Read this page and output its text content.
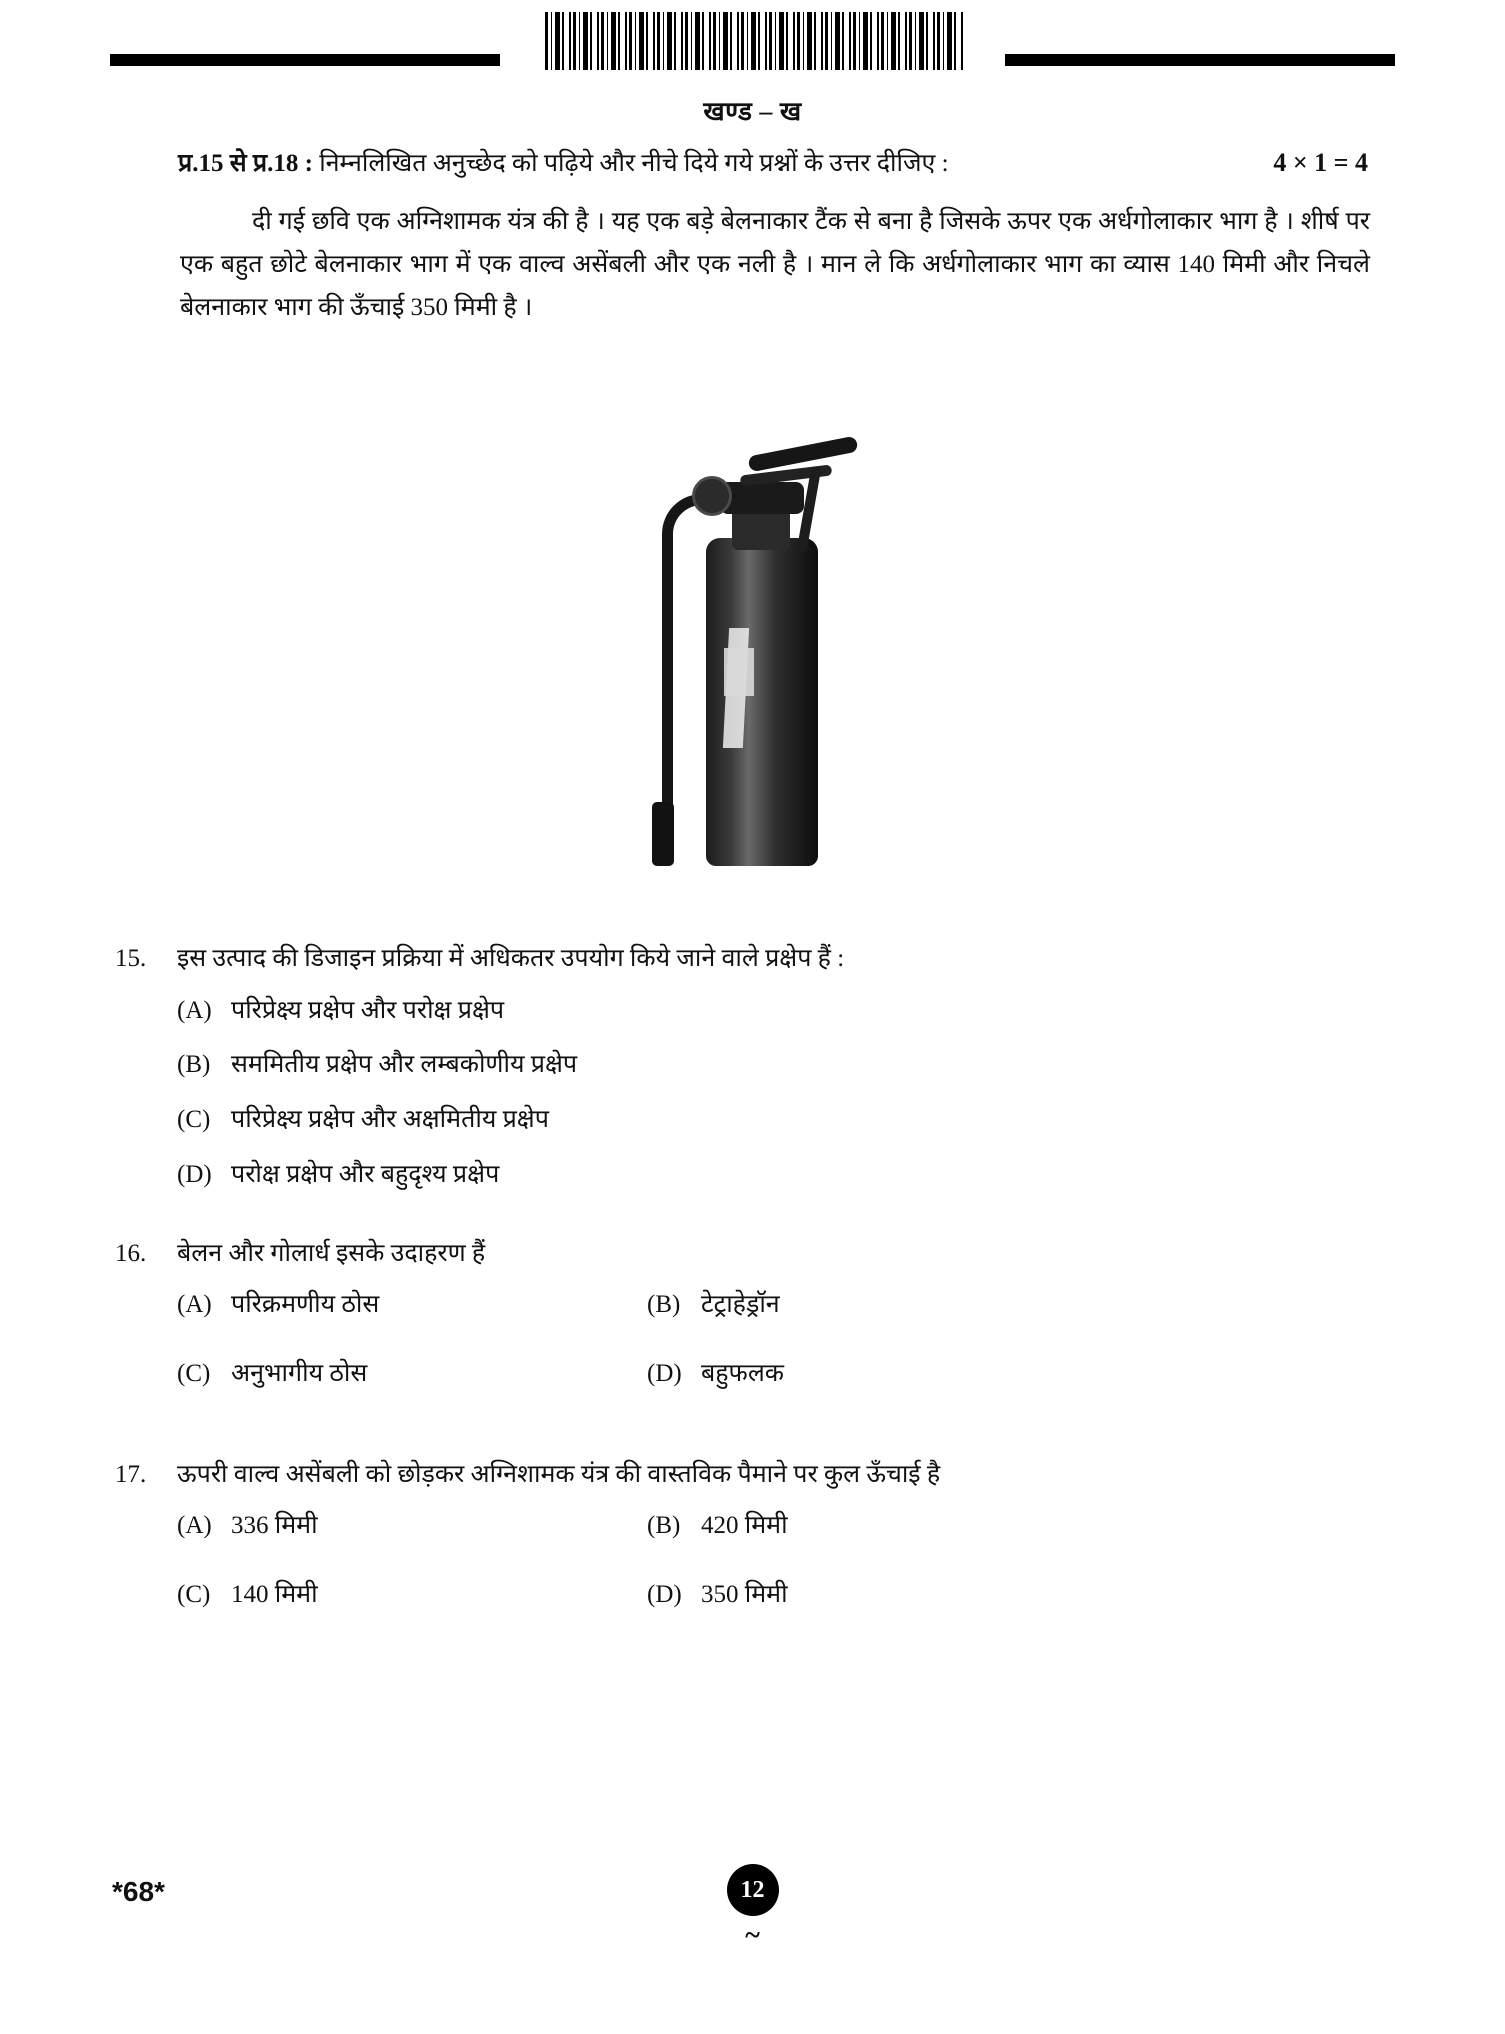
खण्ड – ख
प्र.15 से प्र.18 : निम्नलिखित अनुच्छेद को पढ़िये और नीचे दिये गये प्रश्नों के उत्तर दीजिए :	4 × 1 = 4
दी गई छवि एक अग्निशामक यंत्र की है । यह एक बड़े बेलनाकार टैंक से बना है जिसके ऊपर एक अर्धगोलाकार भाग है । शीर्ष पर एक बहुत छोटे बेलनाकार भाग में एक वाल्व असेंबली और एक नली है । मान ले कि अर्धगोलाकार भाग का व्यास 140 मिमी और निचले बेलनाकार भाग की ऊँचाई 350 मिमी है ।
15.	इस उत्पाद की डिजाइन प्रक्रिया में अधिकतर उपयोग किये जाने वाले प्रक्षेप हैं :
(A) परिप्रेक्ष्य प्रक्षेप और परोक्ष प्रक्षेप
(B) सममितीय प्रक्षेप और लम्बकोणीय प्रक्षेप
(C) परिप्रेक्ष्य प्रक्षेप और अक्षमितीय प्रक्षेप
(D) परोक्ष प्रक्षेप और बहुदृश्य प्रक्षेप
16.	बेलन और गोलार्ध इसके उदाहरण हैं
(A) परिक्रमणीय ठोस	(B) टेट्राहेड्रॉन
(C) अनुभागीय ठोस	(D) बहुफलक
17.	ऊपरी वाल्व असेंबली को छोड़कर अग्निशामक यंत्र की वास्तविक पैमाने पर कुल ऊँचाई है
(A) 336 मिमी	(B) 420 मिमी
(C) 140 मिमी	(D) 350 मिमी
*68*	12
~
